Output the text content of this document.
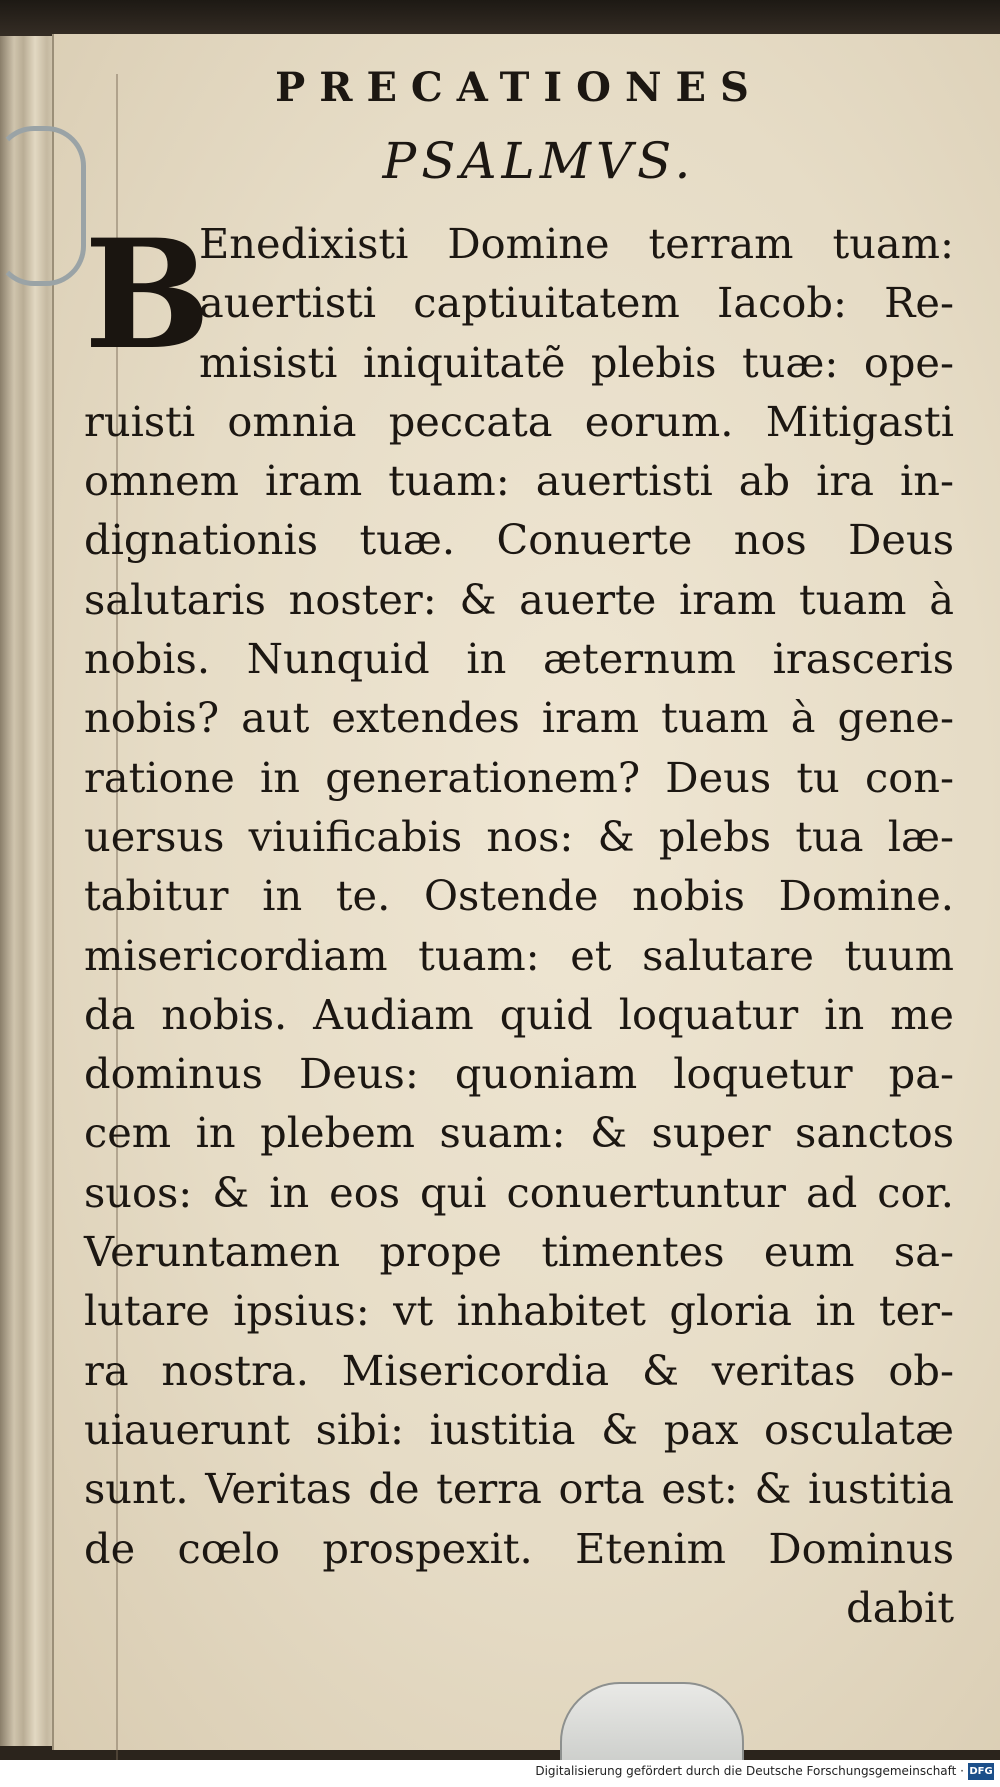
PRECATIONES
PSALMVS.
B
Enedixisti Domine terram tuam:
auertisti captiuitatem Iacob: Re-
misisti iniquitatẽ plebis tuæ: ope-
ruisti omnia peccata eorum. Mitigasti
omnem iram tuam: auertisti ab ira in-
dignationis tuæ. Conuerte nos Deus
salutaris noster: & auerte iram tuam à
nobis. Nunquid in æternum irasceris
nobis? aut extendes iram tuam à gene-
ratione in generationem? Deus tu con-
uersus viuificabis nos: & plebs tua læ-
tabitur in te. Ostende nobis Domine.
misericordiam tuam: et salutare tuum
da nobis. Audiam quid loquatur in me
dominus Deus: quoniam loquetur pa-
cem in plebem suam: & super sanctos
suos: & in eos qui conuertuntur ad cor.
Veruntamen prope timentes eum sa-
lutare ipsius: vt inhabitet gloria in ter-
ra nostra. Misericordia & veritas ob-
uiauerunt sibi: iustitia & pax osculatæ
sunt. Veritas de terra orta est: & iustitia
de cœlo prospexit. Etenim Dominus
dabit
Digitalisierung gefördert durch die Deutsche Forschungsgemeinschaft · DFG
